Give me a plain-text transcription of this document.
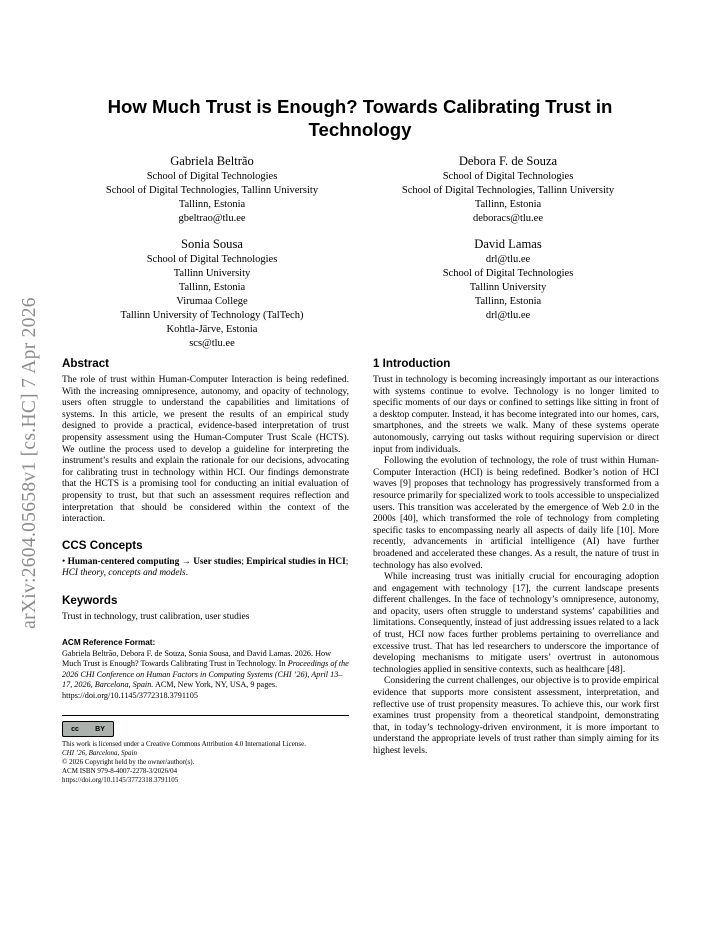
arXiv:2604.05658v1 [cs.HC] 7 Apr 2026
How Much Trust is Enough? Towards Calibrating Trust in Technology
Gabriela Beltrão
School of Digital Technologies
School of Digital Technologies, Tallinn University
Tallinn, Estonia
gbeltrao@tlu.ee
Debora F. de Souza
School of Digital Technologies
School of Digital Technologies, Tallinn University
Tallinn, Estonia
deboracs@tlu.ee
Sonia Sousa
School of Digital Technologies
Tallinn University
Tallinn, Estonia
Virumaa College
Tallinn University of Technology (TalTech)
Kohtla-Järve, Estonia
scs@tlu.ee
David Lamas
drl@tlu.ee
School of Digital Technologies
Tallinn University
Tallinn, Estonia
drl@tlu.ee
Abstract

The role of trust within Human-Computer Interaction is being redefined. With the increasing omnipresence, autonomy, and opacity of technology, users often struggle to understand the capabilities and limitations of systems. In this article, we present the results of an empirical study designed to provide a practical, evidence-based interpretation of trust propensity assessment using the Human-Computer Trust Scale (HCTS). We outline the process used to develop a guideline for interpreting the instrument’s results and explain the rationale for our decisions, advocating for calibrating trust in technology within HCI. Our findings demonstrate that the HCTS is a promising tool for conducting an initial evaluation of propensity to trust, but that such an assessment requires reflection and interpretation that should be considered within the context of the interaction.

CCS Concepts
• Human-centered computing → User studies; Empirical studies in HCI; HCI theory, concepts and models.
Keywords

Trust in technology, trust calibration, user studies

ACM Reference Format:

Gabriela Beltrão, Debora F. de Souza, Sonia Sousa, and David Lamas. 2026. How Much Trust is Enough? Towards Calibrating Trust in Technology. In Proceedings of the 2026 CHI Conference on Human Factors in Computing Systems (CHI ’26), April 13–17, 2026, Barcelona, Spain. ACM, New York, NY, USA, 9 pages. https://doi.org/10.1145/3772318.3791105

cc BY

This work is licensed under a Creative Commons Attribution 4.0 International License.

CHI ’26, Barcelona, Spain

© 2026 Copyright held by the owner/author(s).

ACM ISBN 979-8-4007-2278-3/2026/04

https://doi.org/10.1145/3772318.3791105

1 Introduction

Trust in technology is becoming increasingly important as our interactions with systems continue to evolve. Technology is no longer limited to specific moments of our days or confined to settings like sitting in front of a desktop computer. Instead, it has become integrated into our homes, cars, smartphones, and the streets we walk. Many of these systems operate autonomously, carrying out tasks without requiring supervision or direct input from individuals.

Following the evolution of technology, the role of trust within Human-Computer Interaction (HCI) is being redefined. Bodker’s notion of HCI waves [9] proposes that technology has progressively transformed from a resource primarily for specialized work to tools accessible to unspecialized users. This transition was accelerated by the emergence of Web 2.0 in the 2000s [40], which transformed the role of technology from completing specific tasks to encompassing nearly all aspects of daily life [10]. More recently, advancements in artificial intelligence (AI) have further broadened and accelerated these changes. As a result, the nature of trust in technology has also evolved.

While increasing trust was initially crucial for encouraging adoption and engagement with technology [17], the current landscape presents different challenges. In the face of technology’s omnipresence, autonomy, and opacity, users often struggle to understand systems’ capabilities and limitations. Consequently, instead of just addressing issues related to a lack of trust, HCI now faces further problems pertaining to overreliance and excessive trust. That has led researchers to underscore the importance of developing mechanisms to mitigate users’ overtrust in autonomous technologies applied in sensitive contexts, such as healthcare [48].

Considering the current challenges, our objective is to provide empirical evidence that supports more consistent assessment, interpretation, and reflective use of trust propensity measures. To achieve this, our work first examines trust propensity from a theoretical standpoint, demonstrating that, in today’s technology-driven environment, it is more important to understand the appropriate levels of trust rather than simply aiming for its highest levels.
